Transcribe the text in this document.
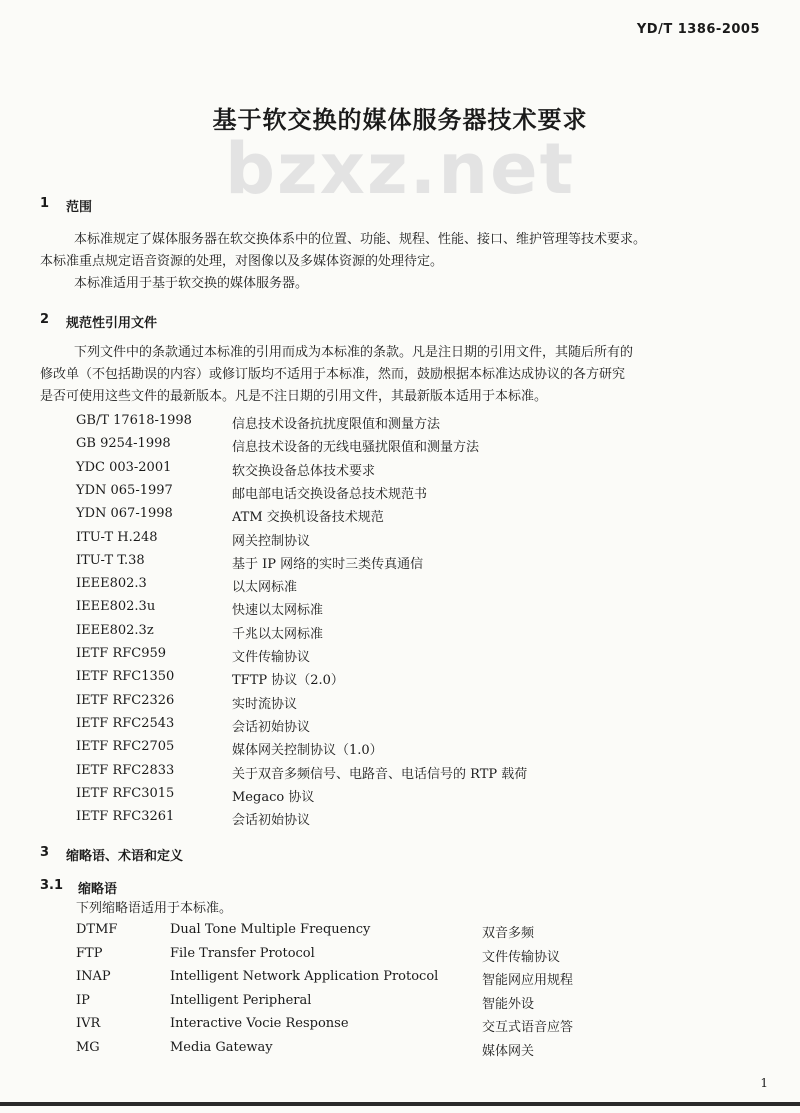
YD/T 1386-2005
bzxz.net
基于软交换的媒体服务器技术要求
1 范围
本标准规定了媒体服务器在软交换体系中的位置、功能、规程、性能、接口、维护管理等技术要求。
本标准重点规定语音资源的处理，对图像以及多媒体资源的处理待定。
本标准适用于基于软交换的媒体服务器。
2 规范性引用文件
下列文件中的条款通过本标准的引用而成为本标准的条款。凡是注日期的引用文件，其随后所有的
修改单（不包括勘误的内容）或修订版均不适用于本标准，然而，鼓励根据本标准达成协议的各方研究
是否可使用这些文件的最新版本。凡是不注日期的引用文件，其最新版本适用于本标准。
GB/T 17618-1998	信息技术设备抗扰度限值和测量方法
GB 9254-1998	信息技术设备的无线电骚扰限值和测量方法
YDC 003-2001	软交换设备总体技术要求
YDN 065-1997	邮电部电话交换设备总技术规范书
YDN 067-1998	ATM 交换机设备技术规范
ITU-T H.248	网关控制协议
ITU-T T.38	基于 IP 网络的实时三类传真通信
IEEE802.3	以太网标准
IEEE802.3u	快速以太网标准
IEEE802.3z	千兆以太网标准
IETF RFC959	文件传输协议
IETF RFC1350	TFTP 协议（2.0）
IETF RFC2326	实时流协议
IETF RFC2543	会话初始协议
IETF RFC2705	媒体网关控制协议（1.0）
IETF RFC2833	关于双音多频信号、电路音、电话信号的 RTP 载荷
IETF RFC3015	Megaco 协议
IETF RFC3261	会话初始协议
3 缩略语、术语和定义
3.1 缩略语
下列缩略语适用于本标准。
DTMF	Dual Tone Multiple Frequency	双音多频
FTP	File Transfer Protocol	文件传输协议
INAP	Intelligent Network Application Protocol	智能网应用规程
IP	Intelligent Peripheral	智能外设
IVR	Interactive Vocie Response	交互式语音应答
MG	Media Gateway	媒体网关
1
